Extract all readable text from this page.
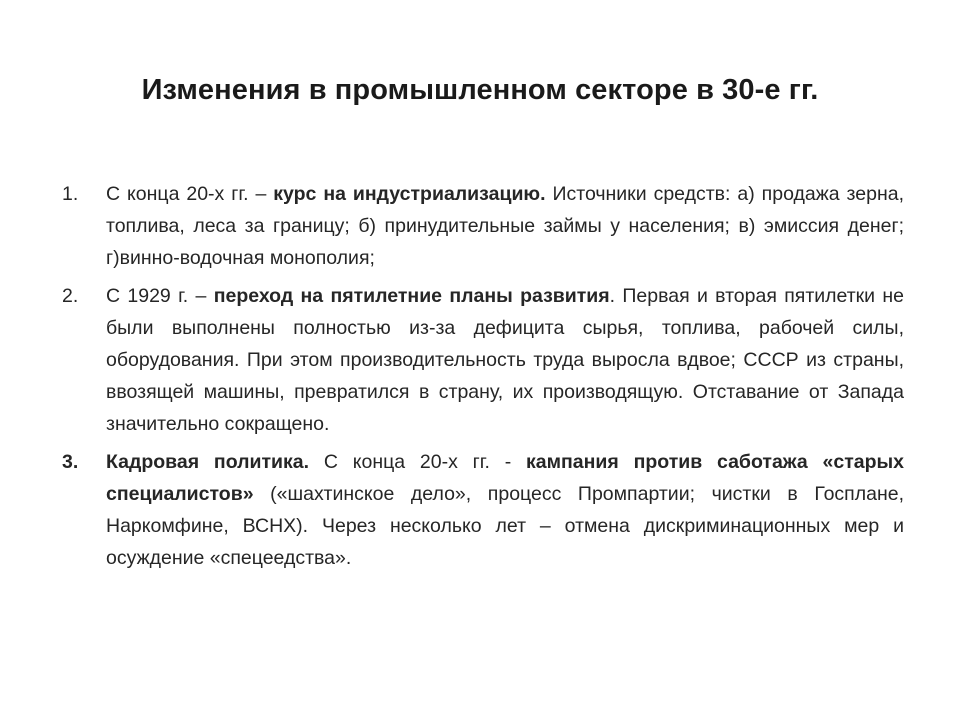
Изменения в промышленном секторе в 30-е гг.
1.	С конца 20-х гг. – курс на индустриализацию. Источники средств: а) продажа зерна, топлива, леса за границу; б) принудительные займы у населения; в) эмиссия денег; г)винно-водочная монополия;
2.	С 1929 г. – переход на пятилетние планы развития. Первая и вторая пятилетки не были выполнены полностью из-за дефицита сырья, топлива, рабочей силы, оборудования. При этом производительность труда выросла вдвое; СССР из страны, ввозящей машины, превратился в страну, их производящую. Отставание от Запада значительно сокращено.
3.	Кадровая политика. С конца 20-х гг. - кампания против саботажа «старых специалистов» («шахтинское дело», процесс Промпартии; чистки в Госплане, Наркомфине, ВСНХ). Через несколько лет – отмена дискриминационных мер и осуждение «спецеедства».
